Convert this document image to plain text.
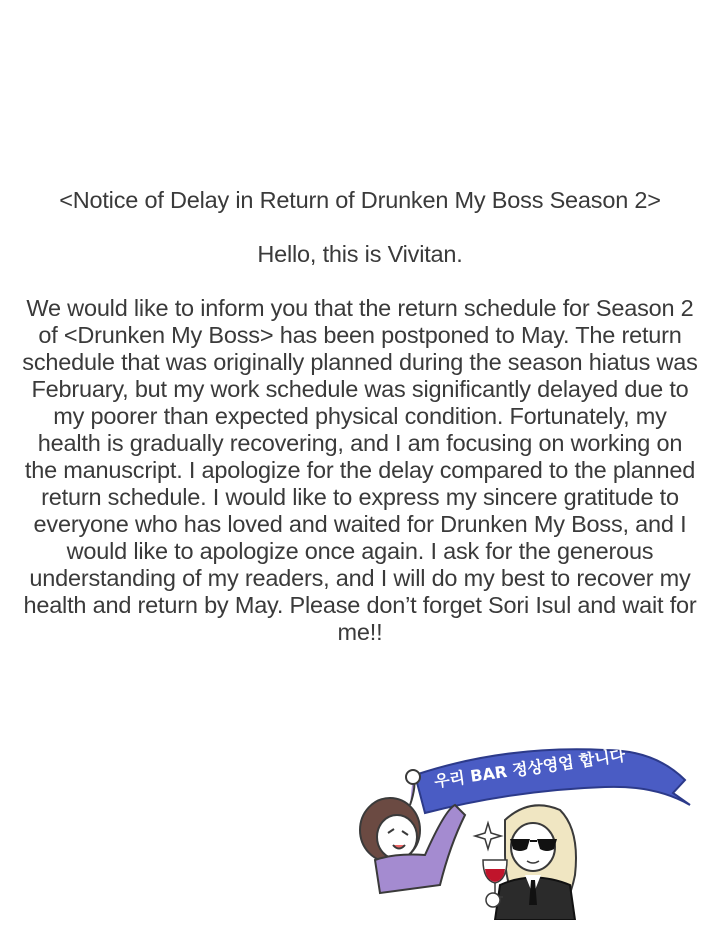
<Notice of Delay in Return of Drunken My Boss Season 2>

Hello, this is Vivitan.

We would like to inform you that the return schedule for Season 2 of <Drunken My Boss> has been postponed to May. The return schedule that was originally planned during the season hiatus was February, but my work schedule was significantly delayed due to my poorer than expected physical condition. Fortunately, my health is gradually recovering, and I am focusing on working on the manuscript. I apologize for the delay compared to the planned return schedule. I would like to express my sincere gratitude to everyone who has loved and waited for Drunken My Boss, and I would like to apologize once again. I ask for the generous understanding of my readers, and I will do my best to recover my health and return by May. Please don’t forget Sori Isul and wait for me!!

우리 BAR 정상영업 합니다
